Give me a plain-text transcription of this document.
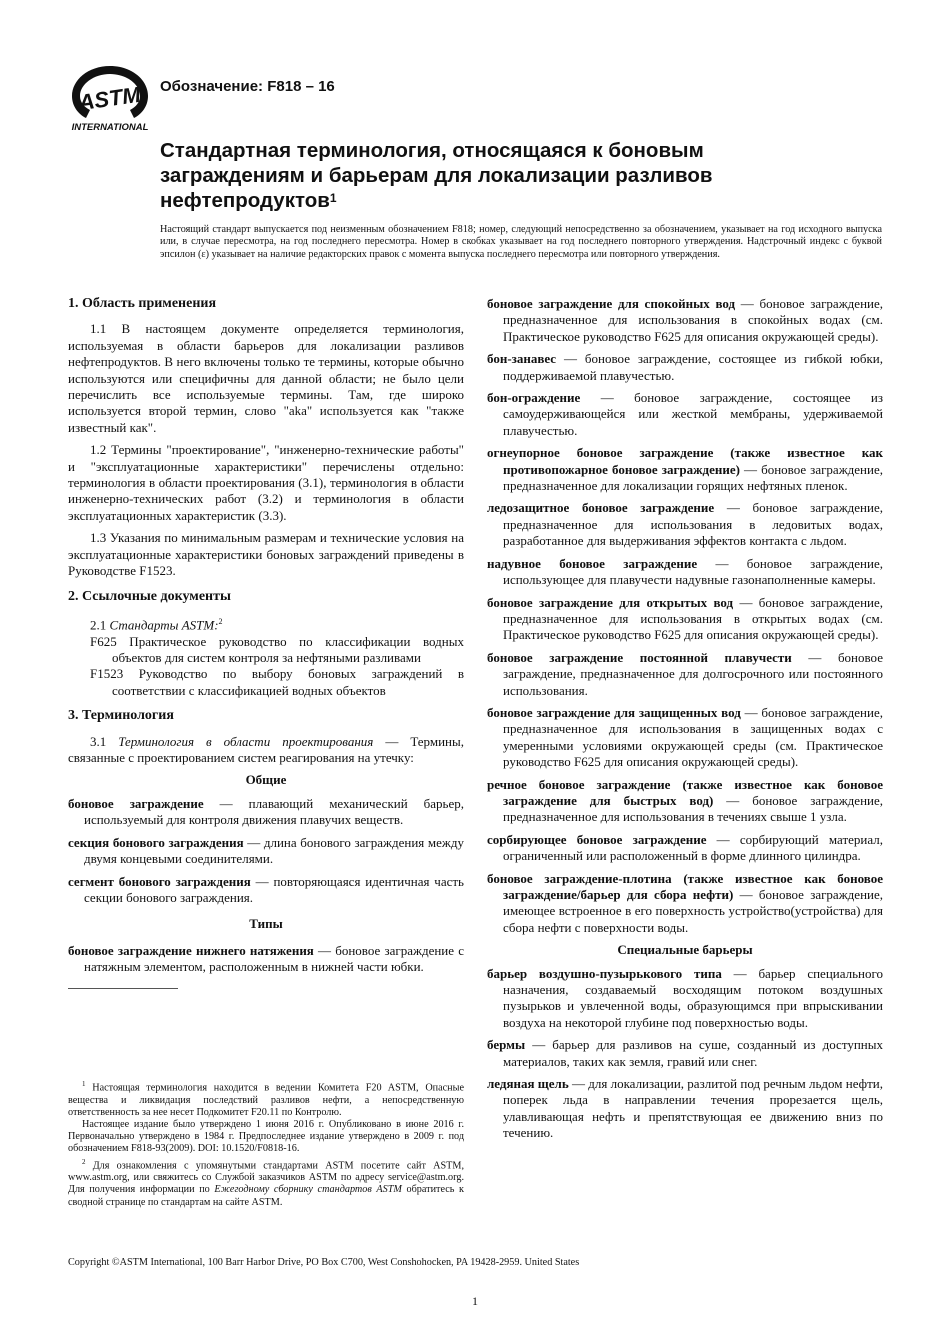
ASTM
INTERNATIONAL
Обозначение: F818 – 16
Стандартная терминология, относящаяся к боновым заграждениям и барьерам для локализации разливов нефтепродуктов$^1$
Настоящий стандарт выпускается под неизменным обозначением F818; номер, следующий непосредственно за обозначением, указывает на год исходного выпуска или, в случае пересмотра, на год последнего пересмотра. Номер в скобках указывает на год последнего повторного утверждения. Надстрочный индекс с буквой эпсилон (ε) указывает на наличие редакторских правок с момента выпуска последнего пересмотра или повторного утверждения.
1. Область применения

1.1 В настоящем документе определяется терминология, используемая в области барьеров для локализации разливов нефтепродуктов. В него включены только те термины, которые обычно используются или специфичны для данной области; не было цели перечислить все используемые термины. Там, где широко используется второй термин, слово "aka" используется как "также известный как".

1.2 Термины "проектирование", "инженерно-технические работы" и "эксплуатационные характеристики" перечислены отдельно: терминология в области проектирования (3.1), терминология в области инженерно-технических работ (3.2) и терминология в области эксплуатационных характеристик (3.3).

1.3 Указания по минимальным размерам и технические условия на эксплуатационные характеристики боновых заграждений приведены в Руководстве F1523.

2. Ссылочные документы

2.1 Стандарты ASTM:$^2$

F625 Практическое руководство по классификации водных объектов для систем контроля за нефтяными разливами

F1523 Руководство по выбору боновых заграждений в соответствии с классификацией водных объектов

3. Терминология

3.1 Терминология в области проектирования — Термины, связанные с проектированием систем реагирования на утечку:

Общие

боновое заграждение — плавающий механический барьер, используемый для контроля движения плавучих веществ.

секция бонового заграждения — длина бонового заграждения между двумя концевыми соединителями.

сегмент бонового заграждения — повторяющаяся идентичная часть секции бонового заграждения.

Типы

боновое заграждение нижнего натяжения — боновое заграждение с натяжным элементом, расположенным в нижней части юбки.

$^1$ Настоящая терминология находится в ведении Комитета F20 ASTM, Опасные вещества и ликвидация последствий разливов нефти, а непосредственную ответственность за нее несет Подкомитет F20.11 по Контролю.

Настоящее издание было утверждено 1 июня 2016 г. Опубликовано в июне 2016 г. Первоначально утверждено в 1984 г. Предпоследнее издание утверждено в 2009 г. под обозначением F818-93(2009). DOI: 10.1520/F0818-16.

$^2$ Для ознакомления с упомянутыми стандартами ASTM посетите сайт ASTM, www.astm.org, или свяжитесь со Службой заказчиков ASTM по адресу service@astm.org. Для получения информации по Ежегодному сборнику стандартов ASTM обратитесь к сводной странице по стандартам на сайте ASTM.

боновое заграждение для спокойных вод — боновое заграждение, предназначенное для использования в спокойных водах (см. Практическое руководство F625 для описания окружающей среды).

бон-занавес — боновое заграждение, состоящее из гибкой юбки, поддерживаемой плавучестью.

бон-ограждение — боновое заграждение, состоящее из самоудерживающейся или жесткой мембраны, удерживаемой плавучестью.

огнеупорное боновое заграждение (также известное как противопожарное боновое заграждение) — боновое заграждение, предназначенное для локализации горящих нефтяных пленок.

ледозащитное боновое заграждение — боновое заграждение, предназначенное для использования в ледовитых водах, разработанное для выдерживания эффектов контакта с льдом.

надувное боновое заграждение — боновое заграждение, использующее для плавучести надувные газонаполненные камеры.

боновое заграждение для открытых вод — боновое заграждение, предназначенное для использования в открытых водах (см. Практическое руководство F625 для описания окружающей среды).

боновое заграждение постоянной плавучести — боновое заграждение, предназначенное для долгосрочного или постоянного использования.

боновое заграждение для защищенных вод — боновое заграждение, предназначенное для использования в защищенных водах с умеренными условиями окружающей среды (см. Практическое руководство F625 для описания окружающей среды).

речное боновое заграждение (также известное как боновое заграждение для быстрых вод) — боновое заграждение, предназначенное для использования в течениях свыше 1 узла.

сорбирующее боновое заграждение — сорбирующий материал, ограниченный или расположенный в форме длинного цилиндра.

боновое заграждение-плотина (также известное как боновое заграждение/барьер для сбора нефти) — боновое заграждение, имеющее встроенное в его поверхность устройство(устройства) для сбора нефти с поверхности воды.

Специальные барьеры

барьер воздушно-пузырькового типа — барьер специального назначения, создаваемый восходящим потоком воздушных пузырьков и увлеченной воды, образующимся при впрыскивании воздуха на некоторой глубине под поверхностью воды.

бермы — барьер для разливов на суше, созданный из доступных материалов, таких как земля, гравий или снег.

ледяная щель — для локализации, разлитой под речным льдом нефти, поперек льда в направлении течения прорезается щель, улавливающая нефть и препятствующая ее движению вниз по течению.

Copyright ©ASTM International, 100 Barr Harbor Drive, PO Box C700, West Conshohocken, PA 19428-2959. United States
1
